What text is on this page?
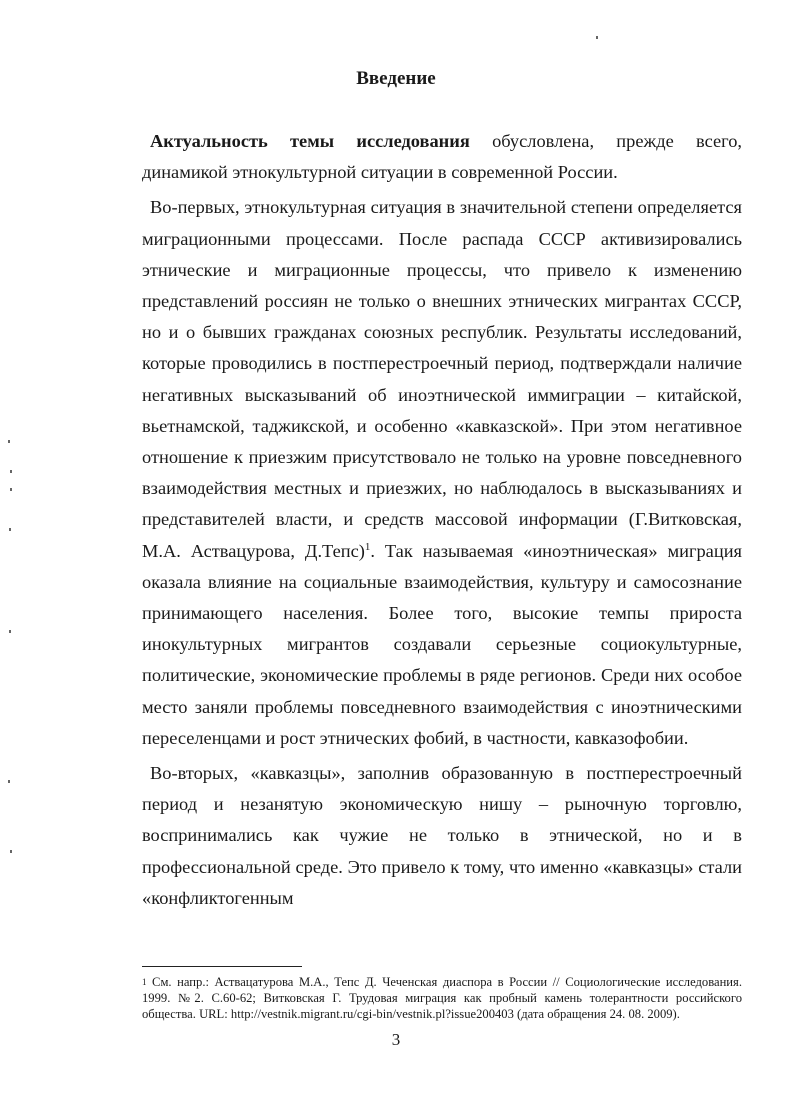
Введение

Актуальность темы исследования обусловлена, прежде всего, динамикой этнокультурной ситуации в современной России.

Во-первых, этнокультурная ситуация в значительной степени определяется миграционными процессами. После распада СССР активизировались этнические и миграционные процессы, что привело к изменению представлений россиян не только о внешних этнических мигрантах СССР, но и о бывших гражданах союзных республик. Результаты исследований, которые проводились в постперестроечный период, подтверждали наличие негативных высказываний об иноэтнической иммиграции – китайской, вьетнамской, таджикской, и особенно «кавказской». При этом негативное отношение к приезжим присутствовало не только на уровне повседневного взаимодействия местных и приезжих, но наблюдалось в высказываниях и представителей власти, и средств массовой информации (Г.Витковская, М.А. Аствацурова, Д.Тепс)$^1$. Так называемая «иноэтническая» миграция оказала влияние на социальные взаимодействия, культуру и самосознание принимающего населения. Более того, высокие темпы прироста инокультурных мигрантов создавали серьезные социокультурные, политические, экономические проблемы в ряде регионов. Среди них особое место заняли проблемы повседневного взаимодействия с иноэтническими переселенцами и рост этнических фобий, в частности, кавказофобии.

Во-вторых, «кавказцы», заполнив образованную в постперестроечный период и незанятую экономическую нишу – рыночную торговлю, воспринимались как чужие не только в этнической, но и в профессиональной среде. Это привело к тому, что именно «кавказцы» стали «конфликтогенным

$^1$ См. напр.: Аствацатурова М.А., Тепс Д. Чеченская диаспора в России // Социологические исследования. 1999. №2. С.60-62; Витковская Г. Трудовая миграция как пробный камень толерантности российского общества. URL: http://vestnik.migrant.ru/cgi-bin/vestnik.pl?issue200403 (дата обращения 24. 08. 2009).

3
